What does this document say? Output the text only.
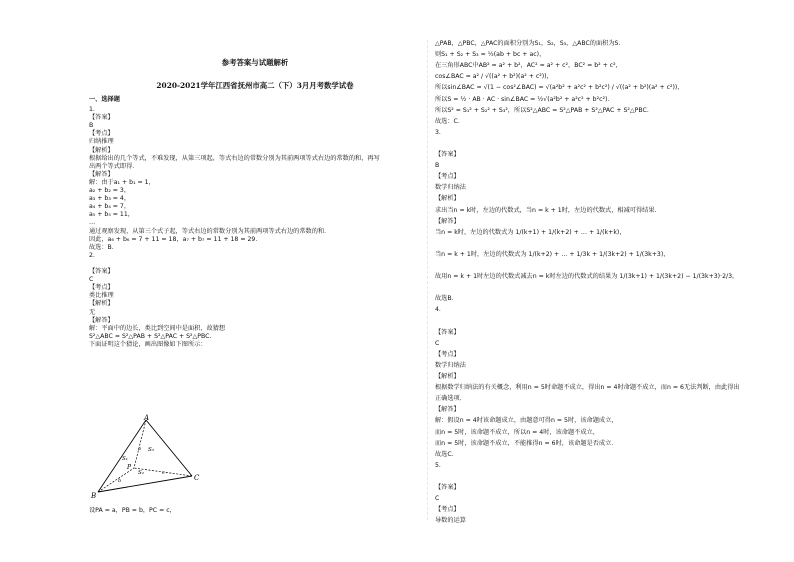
参考答案与试题解析
2020-2021学年江西省抚州市高二（下）3月月考数学试卷
一、选择题
1.
【答案】
B
【考点】
归纳推理
【解析】
根据给出的几个等式，不难发现，从第三项起，等式右边的常数分别为其前两项等式右边的常数的和，再写
出两个等式即得．
【解答】
解：由于a₁ + b₁ = 1，
a₂ + b₂ = 3，
a₃ + b₃ = 4，
a₄ + b₄ = 7，
a₅ + b₅ = 11，
…
通过观察发现，从第三个式子起，等式右边的常数分别为其前两项等式右边的常数的和．
因此，a₆ + b₆ = 7 + 11 = 18，a₇ + b₇ = 11 + 18 = 29．
故选：B．
2.
【答案】
C
【考点】
类比推理
【解析】
无
【解答】
解：平面中的边长，类比到空间中是面积，故猜想
S²△ABC = S²△PAB + S²△PAC + S²△PBC．
下面证明这个猜论，画出图像如下图所示：
A
B
C
P
S₁
S₃
S₂
b
a
c
设PA = a，PB = b，PC = c，
△PAB，△PBC，△PAC的面积分别为S₁，S₂，S₃，△ABC的面积为S．
则S₁ + S₂ + S₃ = ½(ab + bc + ac)，
在三角形ABC中AB² = a² + b²，AC² = a² + c²，BC² = b² + c²，
cos∠BAC = a² / √((a² + b²)(a² + c²))，
所以sin∠BAC = √(1 − cos²∠BAC) = √(a²b² + a²c² + b²c²) / √((a² + b²)(a² + c²))，
所以S = ½ · AB · AC · sin∠BAC = ½√(a²b² + a²c² + b²c²)．
所以S² = S₁² + S₂² + S₃²，所以S²△ABC = S²△PAB + S²△PAC + S²△PBC．
故选：C．
3.
【答案】
B
【考点】
数学归纳法
【解析】
求出当n = k时，左边的代数式，当n = k + 1时，左边的代数式，相减可得结果．
【解答】
当n = k时，左边的代数式为 1/(k+1) + 1/(k+2) + … + 1/(k+k)，
当n = k + 1时，左边的代数式为 1/(k+2) + … + 1/3k + 1/(3k+2) + 1/(3k+3)，
故用n = k + 1时左边的代数式减去n = k时左边的代数式的结果为 1/(3k+1) + 1/(3k+2) − 1/(3k+3)·2/3，
故选B．
4.
【答案】
C
【考点】
数学归纳法
【解析】
根据数学归纳法的有关概念，利用n = 5时命题不成立，得出n = 4时命题不成立，而n = 6无法判断，由此得出
正确选项．
【解答】
解：假设n = 4时该命题成立，由题意可得n = 5时，该命题成立，
而n = 5时，该命题不成立，所以n = 4时，该命题不成立，
而n = 5时，该命题不成立，不能推得n = 6时，该命题是否成立．
故选C．
5.
【答案】
C
【考点】
导数的运算
